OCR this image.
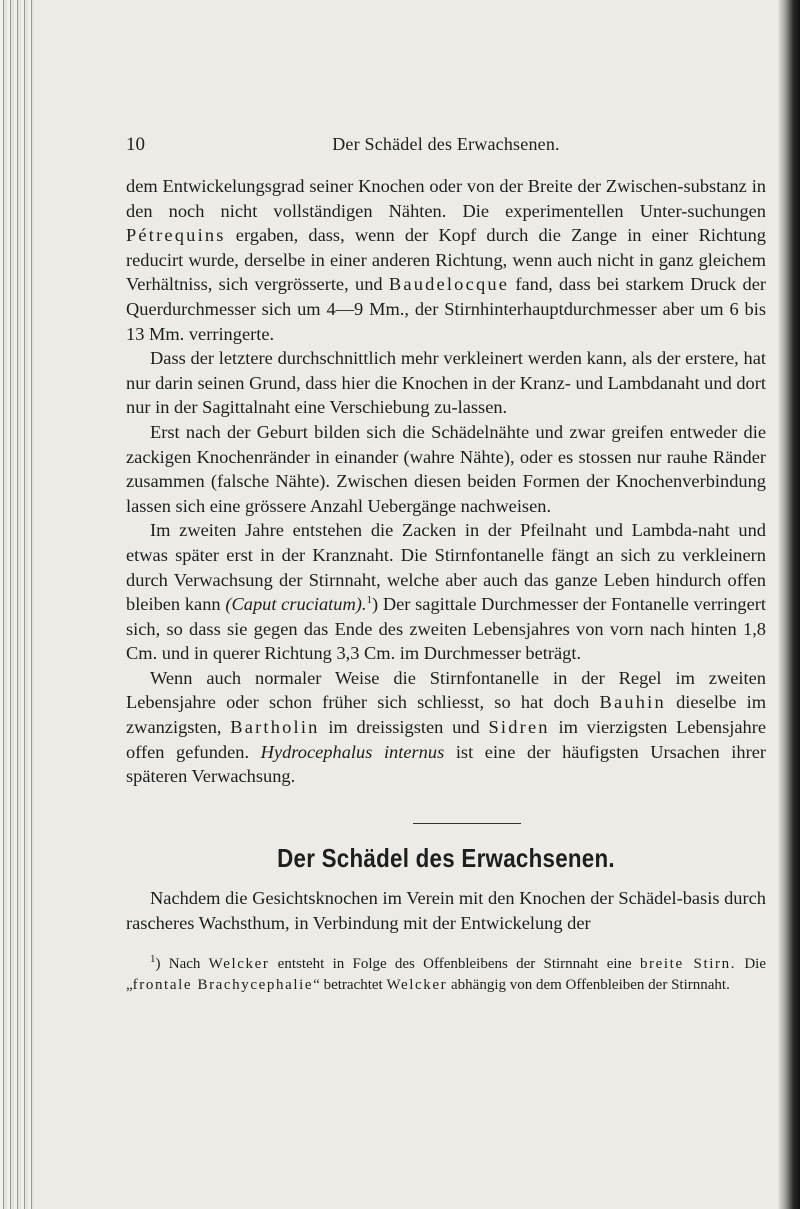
10	Der Schädel des Erwachsenen.

dem Entwickelungsgrad seiner Knochen oder von der Breite der Zwischen-substanz in den noch nicht vollständigen Nähten. Die experimentellen Unter-suchungen Pétrequins ergaben, dass, wenn der Kopf durch die Zange in einer Richtung reducirt wurde, derselbe in einer anderen Richtung, wenn auch nicht in ganz gleichem Verhältniss, sich vergrösserte, und Baudelocque fand, dass bei starkem Druck der Querdurchmesser sich um 4—9 Mm., der Stirnhinterhauptdurchmesser aber um 6 bis 13 Mm. verringerte.

Dass der letztere durchschnittlich mehr verkleinert werden kann, als der erstere, hat nur darin seinen Grund, dass hier die Knochen in der Kranz- und Lambdanaht und dort nur in der Sagittalnaht eine Verschiebung zu-lassen.

Erst nach der Geburt bilden sich die Schädelnähte und zwar greifen entweder die zackigen Knochenränder in einander (wahre Nähte), oder es stossen nur rauhe Ränder zusammen (falsche Nähte). Zwischen diesen beiden Formen der Knochenverbindung lassen sich eine grössere Anzahl Uebergänge nachweisen.

Im zweiten Jahre entstehen die Zacken in der Pfeilnaht und Lambda-naht und etwas später erst in der Kranznaht. Die Stirnfontanelle fängt an sich zu verkleinern durch Verwachsung der Stirnnaht, welche aber auch das ganze Leben hindurch offen bleiben kann (Caput cruciatum).$^1$) Der sagittale Durchmesser der Fontanelle verringert sich, so dass sie gegen das Ende des zweiten Lebensjahres von vorn nach hinten 1,8 Cm. und in querer Richtung 3,3 Cm. im Durchmesser beträgt.

Wenn auch normaler Weise die Stirnfontanelle in der Regel im zweiten Lebensjahre oder schon früher sich schliesst, so hat doch Bauhin dieselbe im zwanzigsten, Bartholin im dreissigsten und Sidren im vierzigsten Lebensjahre offen gefunden. Hydrocephalus internus ist eine der häufigsten Ursachen ihrer späteren Verwachsung.

Der Schädel des Erwachsenen.

Nachdem die Gesichtsknochen im Verein mit den Knochen der Schädel-basis durch rascheres Wachsthum, in Verbindung mit der Entwickelung der

$^1$) Nach Welcker entsteht in Folge des Offenbleibens der Stirnnaht eine breite Stirn. Die „frontale Brachycephalie“ betrachtet Welcker abhängig von dem Offenbleiben der Stirnnaht.
